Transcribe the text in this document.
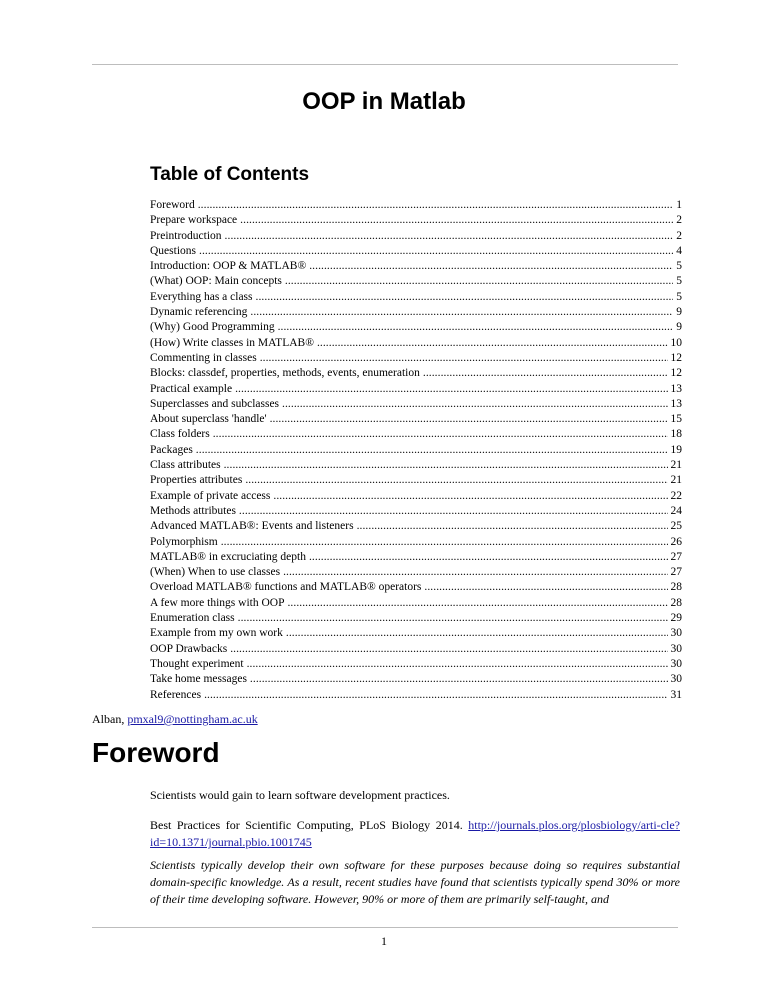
OOP in Matlab
Table of Contents
Foreword . . .	1
Prepare workspace . . .	2
Preintroduction . . .	2
Questions . . .	4
Introduction: OOP & MATLAB® . . .	5
(What) OOP: Main concepts . . .	5
Everything has a class . . .	5
Dynamic referencing . . .	9
(Why) Good Programming . . .	9
(How) Write classes in MATLAB® . . .	10
Commenting in classes . . .	12
Blocks: classdef, properties, methods, events, enumeration . . .	12
Practical example . . .	13
Superclasses and subclasses . . .	13
About superclass 'handle' . . .	15
Class folders . . .	18
Packages . . .	19
Class attributes . . .	21
Properties attributes . . .	21
Example of private access . . .	22
Methods attributes . . .	24
Advanced MATLAB®: Events and listeners . . .	25
Polymorphism . . .	26
MATLAB® in excruciating depth . . .	27
(When) When to use classes . . .	27
Overload MATLAB® functions and MATLAB® operators . . .	28
A few more things with OOP . . .	28
Enumeration class . . .	29
Example from my own work . . .	30
OOP Drawbacks . . .	30
Thought experiment . . .	30
Take home messages . . .	30
References . . .	31
Alban, pmxal9@nottingham.ac.uk
Foreword

Scientists would gain to learn software development practices.

Best Practices for Scientific Computing, PLoS Biology 2014. http://journals.plos.org/plosbiology/arti-cle?id=10.1371/journal.pbio.1001745

Scientists typically develop their own software for these purposes because doing so requires substantial domain-specific knowledge. As a result, recent studies have found that scientists typically spend 30% or more of their time developing software. However, 90% or more of them are primarily self-taught, and

1
